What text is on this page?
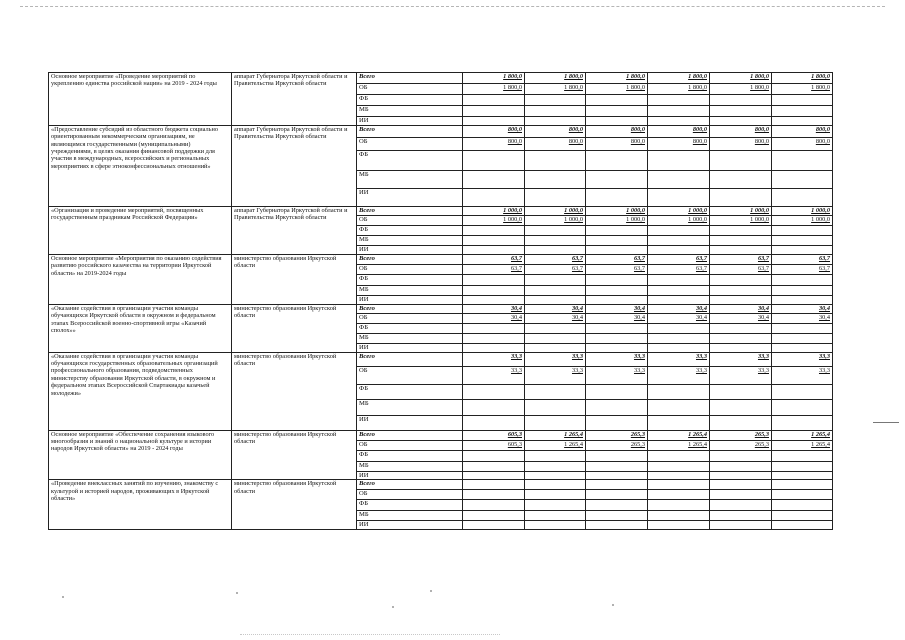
Основное мероприятие «Проведение мероприятий по укреплению единства российской нации» на 2019 - 2024 годы	аппарат Губернатора Иркутской области и Правительства Иркутской области	Всего	1 800,0	1 800,0	1 800,0	1 800,0	1 800,0	1 800,0
		ОБ	1 800,0	1 800,0	1 800,0	1 800,0	1 800,0	1 800,0
		ФБ						
		МБ						
		ИИ						
«Предоставление субсидий из областного бюджета социально ориентированным некоммерческим организациям, не являющимся государственными (муниципальными) учреждениями, в целях оказания финансовой поддержки для участия в международных, всероссийских и региональных мероприятиях в сфере этноконфессиональных отношений»	аппарат Губернатора Иркутской области и Правительства Иркутской области	Всего	800,0	800,0	800,0	800,0	800,0	800,0
		ОБ	800,0	800,0	800,0	800,0	800,0	800,0
		ФБ						
		МБ						
		ИИ						
«Организация и проведение мероприятий, посвященных государственным праздникам Российской Федерации»	аппарат Губернатора Иркутской области и Правительства Иркутской области	Всего	1 000,0	1 000,0	1 000,0	1 000,0	1 000,0	1 000,0
		ОБ	1 000,0	1 000,0	1 000,0	1 000,0	1 000,0	1 000,0
		ФБ						
		МБ						
		ИИ						
Основное мероприятие «Мероприятия по оказанию содействия развитию российского казачества на территории Иркутской области» на 2019-2024 годы	министерство образования Иркутской области	Всего	63,7	63,7	63,7	63,7	63,7	63,7
		ОБ	63,7	63,7	63,7	63,7	63,7	63,7
		ФБ						
		МБ						
		ИИ						
«Оказание содействия в организации участия команды обучающихся Иркутской области в окружном и федеральном этапах Всероссийской военно-спортивной игры «Казачий сполох»»	министерство образования Иркутской области	Всего	30,4	30,4	30,4	30,4	30,4	30,4
		ОБ	30,4	30,4	30,4	30,4	30,4	30,4
		ФБ						
		МБ						
		ИИ						
«Оказание содействия в организации участия команды обучающихся государственных образовательных организаций профессионального образования, подведомственных министерству образования Иркутской области, в окружном и федеральном этапах Всероссийской Спартакиады казачьей молодежи»	министерство образования Иркутской области	Всего	33,3	33,3	33,3	33,3	33,3	33,3
		ОБ	33,3	33,3	33,3	33,3	33,3	33,3
		ФБ						
		МБ						
		ИИ						
Основное мероприятие «Обеспечение сохранения языкового многообразия и знаний о национальной культуре и истории народов Иркутской области» на 2019 - 2024 годы	министерство образования Иркутской области	Всего	605,3	1 265,4	265,3	1 265,4	265,3	1 265,4
		ОБ	605,3	1 265,4	265,3	1 265,4	265,3	1 265,4
		ФБ						
		МБ						
		ИИ						
«Проведение внеклассных занятий по изучению, знакомству с культурой и историей народов, проживающих в Иркутской области»	министерство образования Иркутской области	Всего						
		ОБ						
		ФБ						
		МБ						
		ИИ						
